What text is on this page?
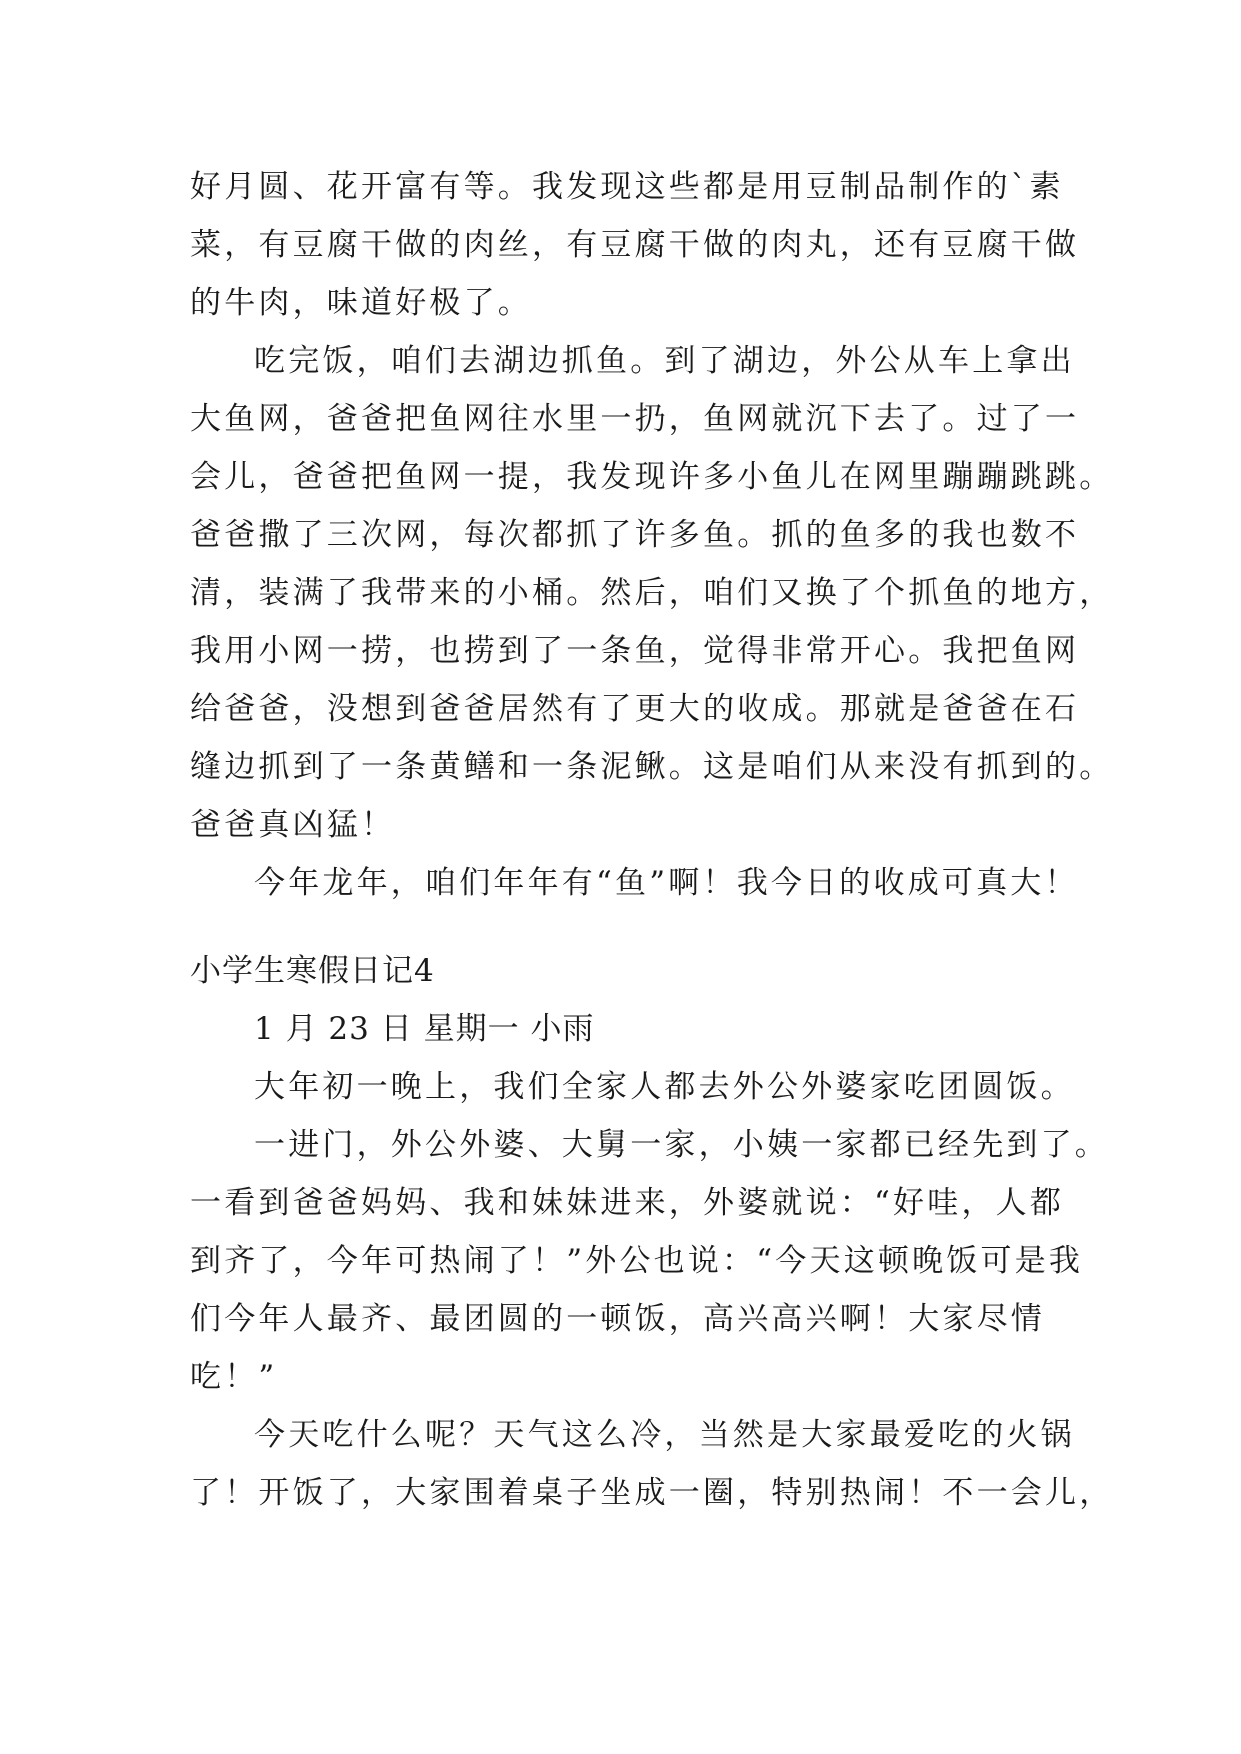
好月圆、花开富有等。我发现这些都是用豆制品制作的`素
菜，有豆腐干做的肉丝，有豆腐干做的肉丸，还有豆腐干做
的牛肉，味道好极了。
吃完饭，咱们去湖边抓鱼。到了湖边，外公从车上拿出
大鱼网，爸爸把鱼网往水里一扔，鱼网就沉下去了。过了一
会儿，爸爸把鱼网一提，我发现许多小鱼儿在网里蹦蹦跳跳。
爸爸撒了三次网，每次都抓了许多鱼。抓的鱼多的我也数不
清，装满了我带来的小桶。然后，咱们又换了个抓鱼的地方，
我用小网一捞，也捞到了一条鱼，觉得非常开心。我把鱼网
给爸爸，没想到爸爸居然有了更大的收成。那就是爸爸在石
缝边抓到了一条黄鳝和一条泥鳅。这是咱们从来没有抓到的。
爸爸真凶猛！
今年龙年，咱们年年有“鱼”啊！我今日的收成可真大！
小学生寒假日记4
1 月 23 日 星期一 小雨
大年初一晚上，我们全家人都去外公外婆家吃团圆饭。
一进门，外公外婆、大舅一家，小姨一家都已经先到了。
一看到爸爸妈妈、我和妹妹进来，外婆就说：“好哇，人都
到齐了，今年可热闹了！”外公也说：“今天这顿晚饭可是我
们今年人最齐、最团圆的一顿饭，高兴高兴啊！大家尽情
吃！”
今天吃什么呢？天气这么冷，当然是大家最爱吃的火锅
了！开饭了，大家围着桌子坐成一圈，特别热闹！不一会儿，
